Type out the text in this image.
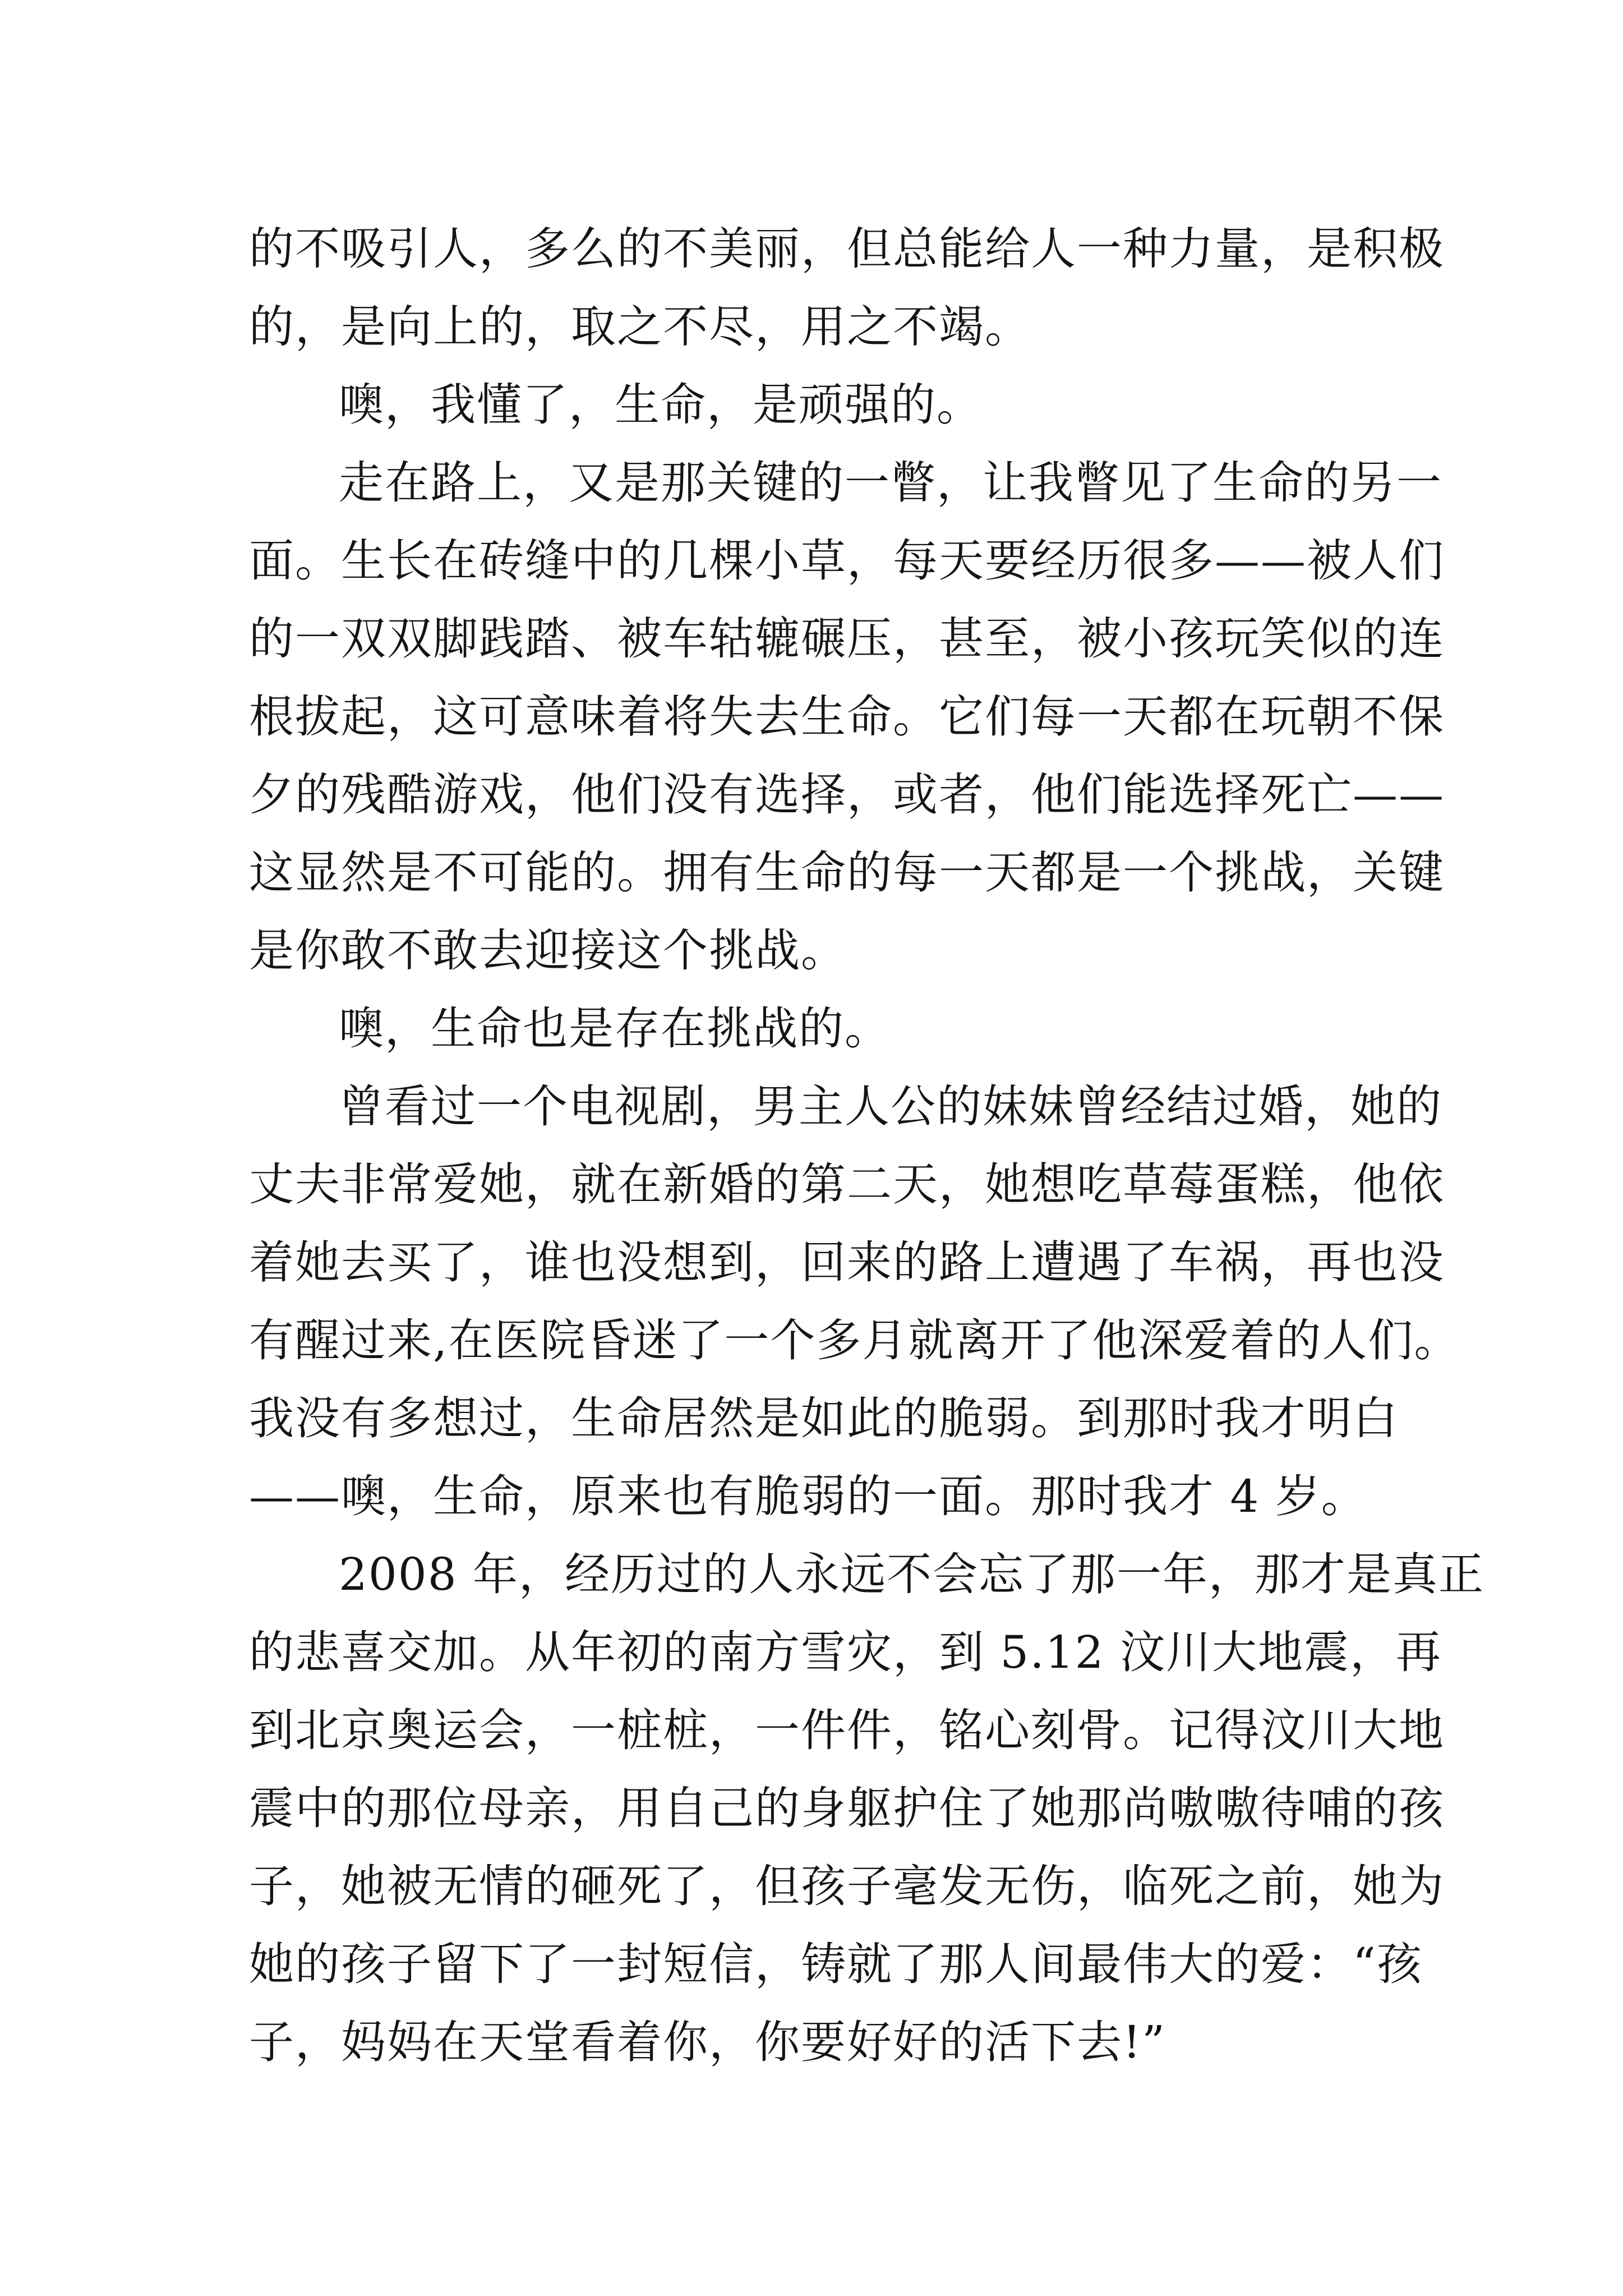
的不吸引人，多么的不美丽，但总能给人一种力量，是积极
的，是向上的，取之不尽，用之不竭。
噢，我懂了，生命，是顽强的。
走在路上，又是那关键的一瞥，让我瞥见了生命的另一
面。生长在砖缝中的几棵小草，每天要经历很多——被人们
的一双双脚践踏、被车轱辘碾压，甚至，被小孩玩笑似的连
根拔起，这可意味着将失去生命。它们每一天都在玩朝不保
夕的残酷游戏，他们没有选择，或者，他们能选择死亡——
这显然是不可能的。拥有生命的每一天都是一个挑战，关键
是你敢不敢去迎接这个挑战。
噢，生命也是存在挑战的。
曾看过一个电视剧，男主人公的妹妹曾经结过婚，她的
丈夫非常爱她，就在新婚的第二天，她想吃草莓蛋糕，他依
着她去买了，谁也没想到，回来的路上遭遇了车祸，再也没
有醒过来,在医院昏迷了一个多月就离开了他深爱着的人们。
我没有多想过，生命居然是如此的脆弱。到那时我才明白
——噢，生命，原来也有脆弱的一面。那时我才 4 岁。
2008 年，经历过的人永远不会忘了那一年，那才是真正
的悲喜交加。从年初的南方雪灾，到 5.12 汶川大地震，再
到北京奥运会，一桩桩，一件件，铭心刻骨。记得汶川大地
震中的那位母亲，用自己的身躯护住了她那尚嗷嗷待哺的孩
子，她被无情的砸死了，但孩子毫发无伤，临死之前，她为
她的孩子留下了一封短信，铸就了那人间最伟大的爱：“孩
子，妈妈在天堂看着你，你要好好的活下去!”
